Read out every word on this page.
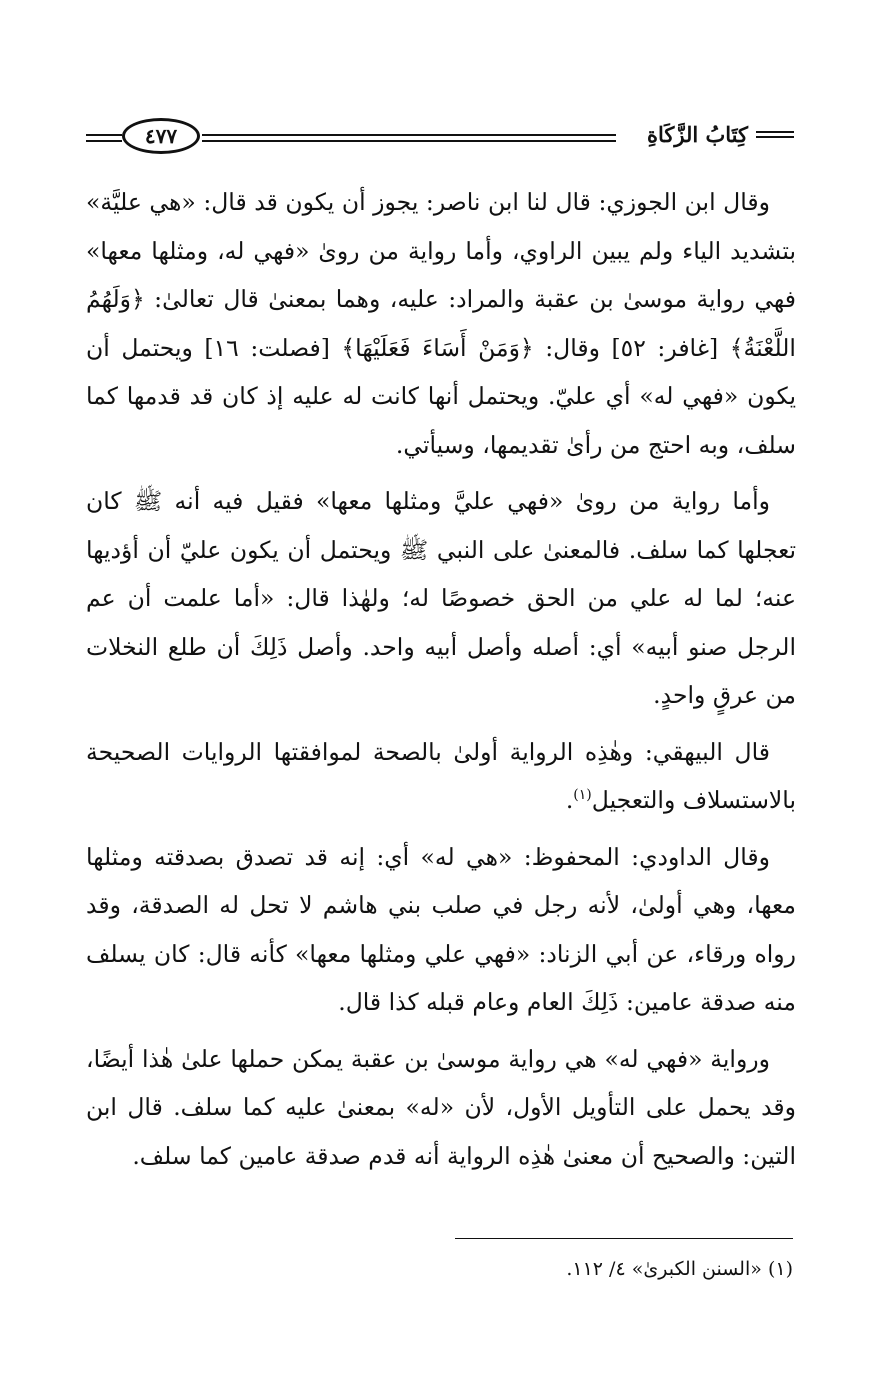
كِتَابُ الزَّكَاةِ
٤٧٧

وقال ابن الجوزي: قال لنا ابن ناصر: يجوز أن يكون قد قال: «هي عليَّة» بتشديد الياء ولم يبين الراوي، وأما رواية من روىٰ «فهي له، ومثلها معها» فهي رواية موسىٰ بن عقبة والمراد: عليه، وهما بمعنىٰ قال تعالىٰ: ﴿وَلَهُمُ اللَّعْنَةُ﴾ [غافر: ٥٢] وقال: ﴿وَمَنْ أَسَاءَ فَعَلَيْهَا﴾ [فصلت: ١٦] ويحتمل أن يكون «فهي له» أي عليّ. ويحتمل أنها كانت له عليه إذ كان قد قدمها كما سلف، وبه احتج من رأىٰ تقديمها، وسيأتي.

وأما رواية من روىٰ «فهي عليَّ ومثلها معها» فقيل فيه أنه ﷺ كان تعجلها كما سلف. فالمعنىٰ على النبي ﷺ ويحتمل أن يكون عليّ أن أؤديها عنه؛ لما له علي من الحق خصوصًا له؛ ولهٰذا قال: «أما علمت أن عم الرجل صنو أبيه» أي: أصله وأصل أبيه واحد. وأصل ذَلِكَ أن طلع النخلات من عرقٍ واحدٍ.

قال البيهقي: وهٰذِه الرواية أولىٰ بالصحة لموافقتها الروايات الصحيحة بالاستسلاف والتعجيل$^{(١)}$.

وقال الداودي: المحفوظ: «هي له» أي: إنه قد تصدق بصدقته ومثلها معها، وهي أولىٰ، لأنه رجل في صلب بني هاشم لا تحل له الصدقة، وقد رواه ورقاء، عن أبي الزناد: «فهي علي ومثلها معها» كأنه قال: كان يسلف منه صدقة عامين: ذَلِكَ العام وعام قبله كذا قال.

ورواية «فهي له» هي رواية موسىٰ بن عقبة يمكن حملها علىٰ هٰذا أيضًا، وقد يحمل على التأويل الأول، لأن «له» بمعنىٰ عليه كما سلف. قال ابن التين: والصحيح أن معنىٰ هٰذِه الرواية أنه قدم صدقة عامين كما سلف.

(١) «السنن الكبرىٰ» ٤/ ١١٢.
